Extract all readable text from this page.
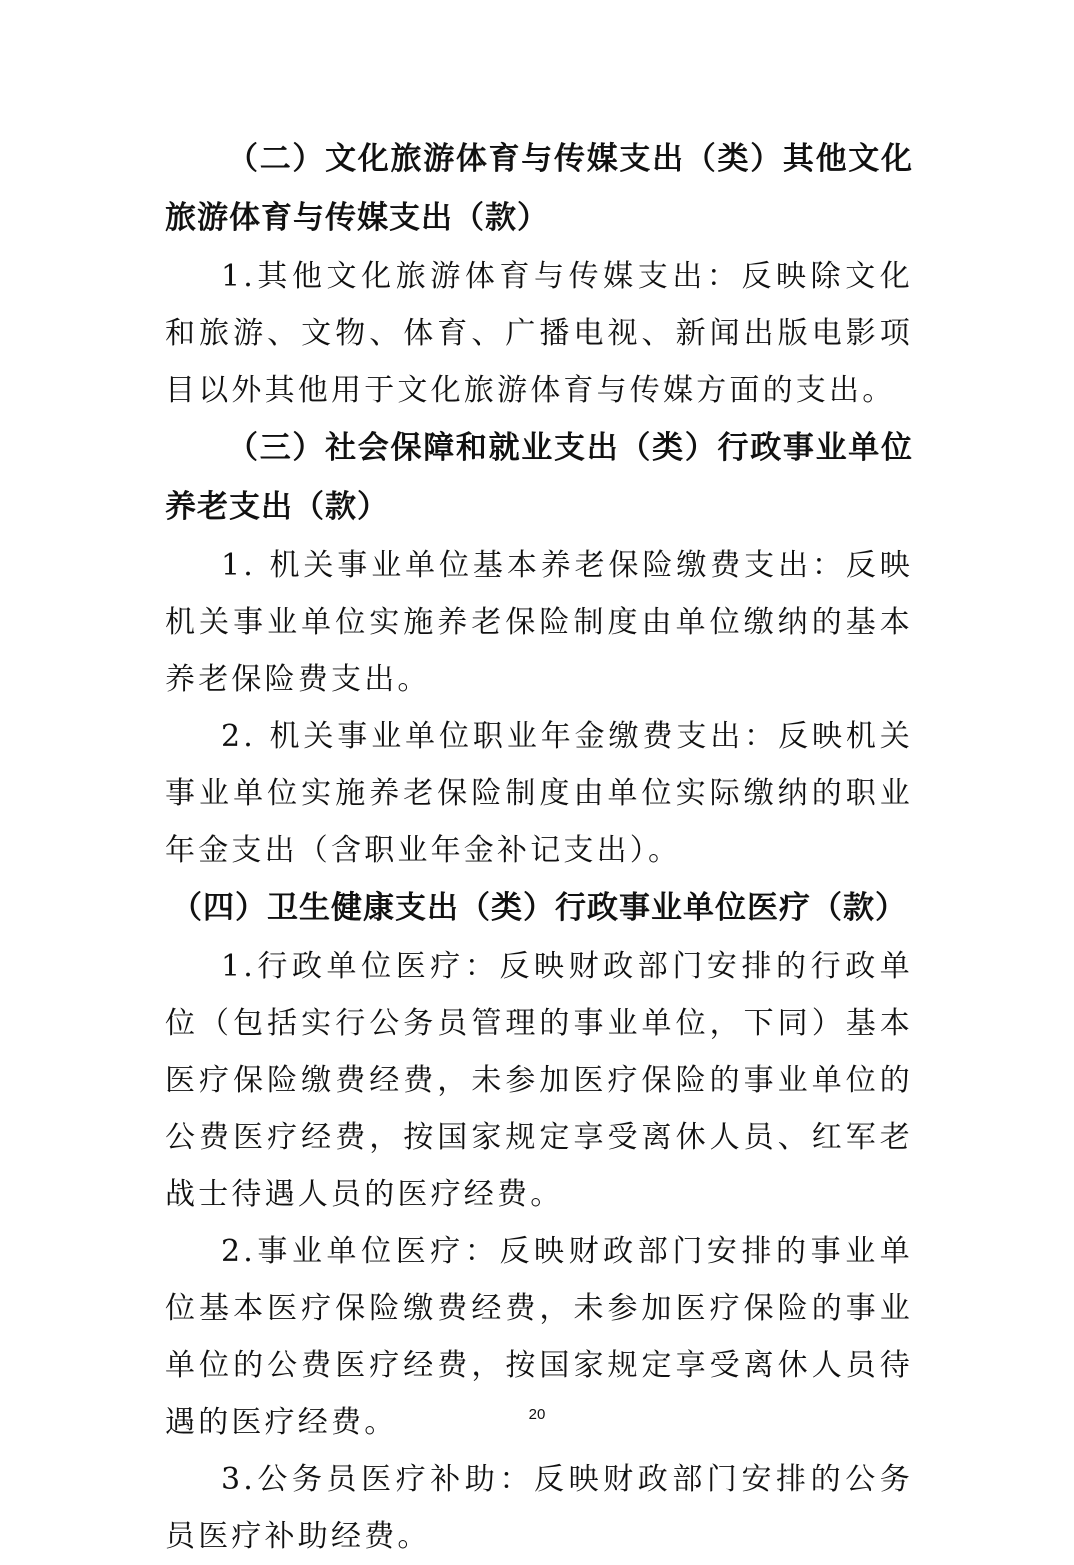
（二）文化旅游体育与传媒支出（类）其他文化旅游体育与传媒支出（款）

1.其他文化旅游体育与传媒支出：反映除文化和旅游、文物、体育、广播电视、新闻出版电影项目以外其他用于文化旅游体育与传媒方面的支出。

（三）社会保障和就业支出（类）行政事业单位养老支出（款）

1. 机关事业单位基本养老保险缴费支出：反映机关事业单位实施养老保险制度由单位缴纳的基本养老保险费支出。

2. 机关事业单位职业年金缴费支出：反映机关事业单位实施养老保险制度由单位实际缴纳的职业年金支出（含职业年金补记支出）。

（四）卫生健康支出（类）行政事业单位医疗（款）

1.行政单位医疗：反映财政部门安排的行政单位（包括实行公务员管理的事业单位，下同）基本医疗保险缴费经费，未参加医疗保险的事业单位的公费医疗经费，按国家规定享受离休人员、红军老战士待遇人员的医疗经费。

2.事业单位医疗：反映财政部门安排的事业单位基本医疗保险缴费经费，未参加医疗保险的事业单位的公费医疗经费，按国家规定享受离休人员待遇的医疗经费。

3.公务员医疗补助：反映财政部门安排的公务员医疗补助经费。

20
